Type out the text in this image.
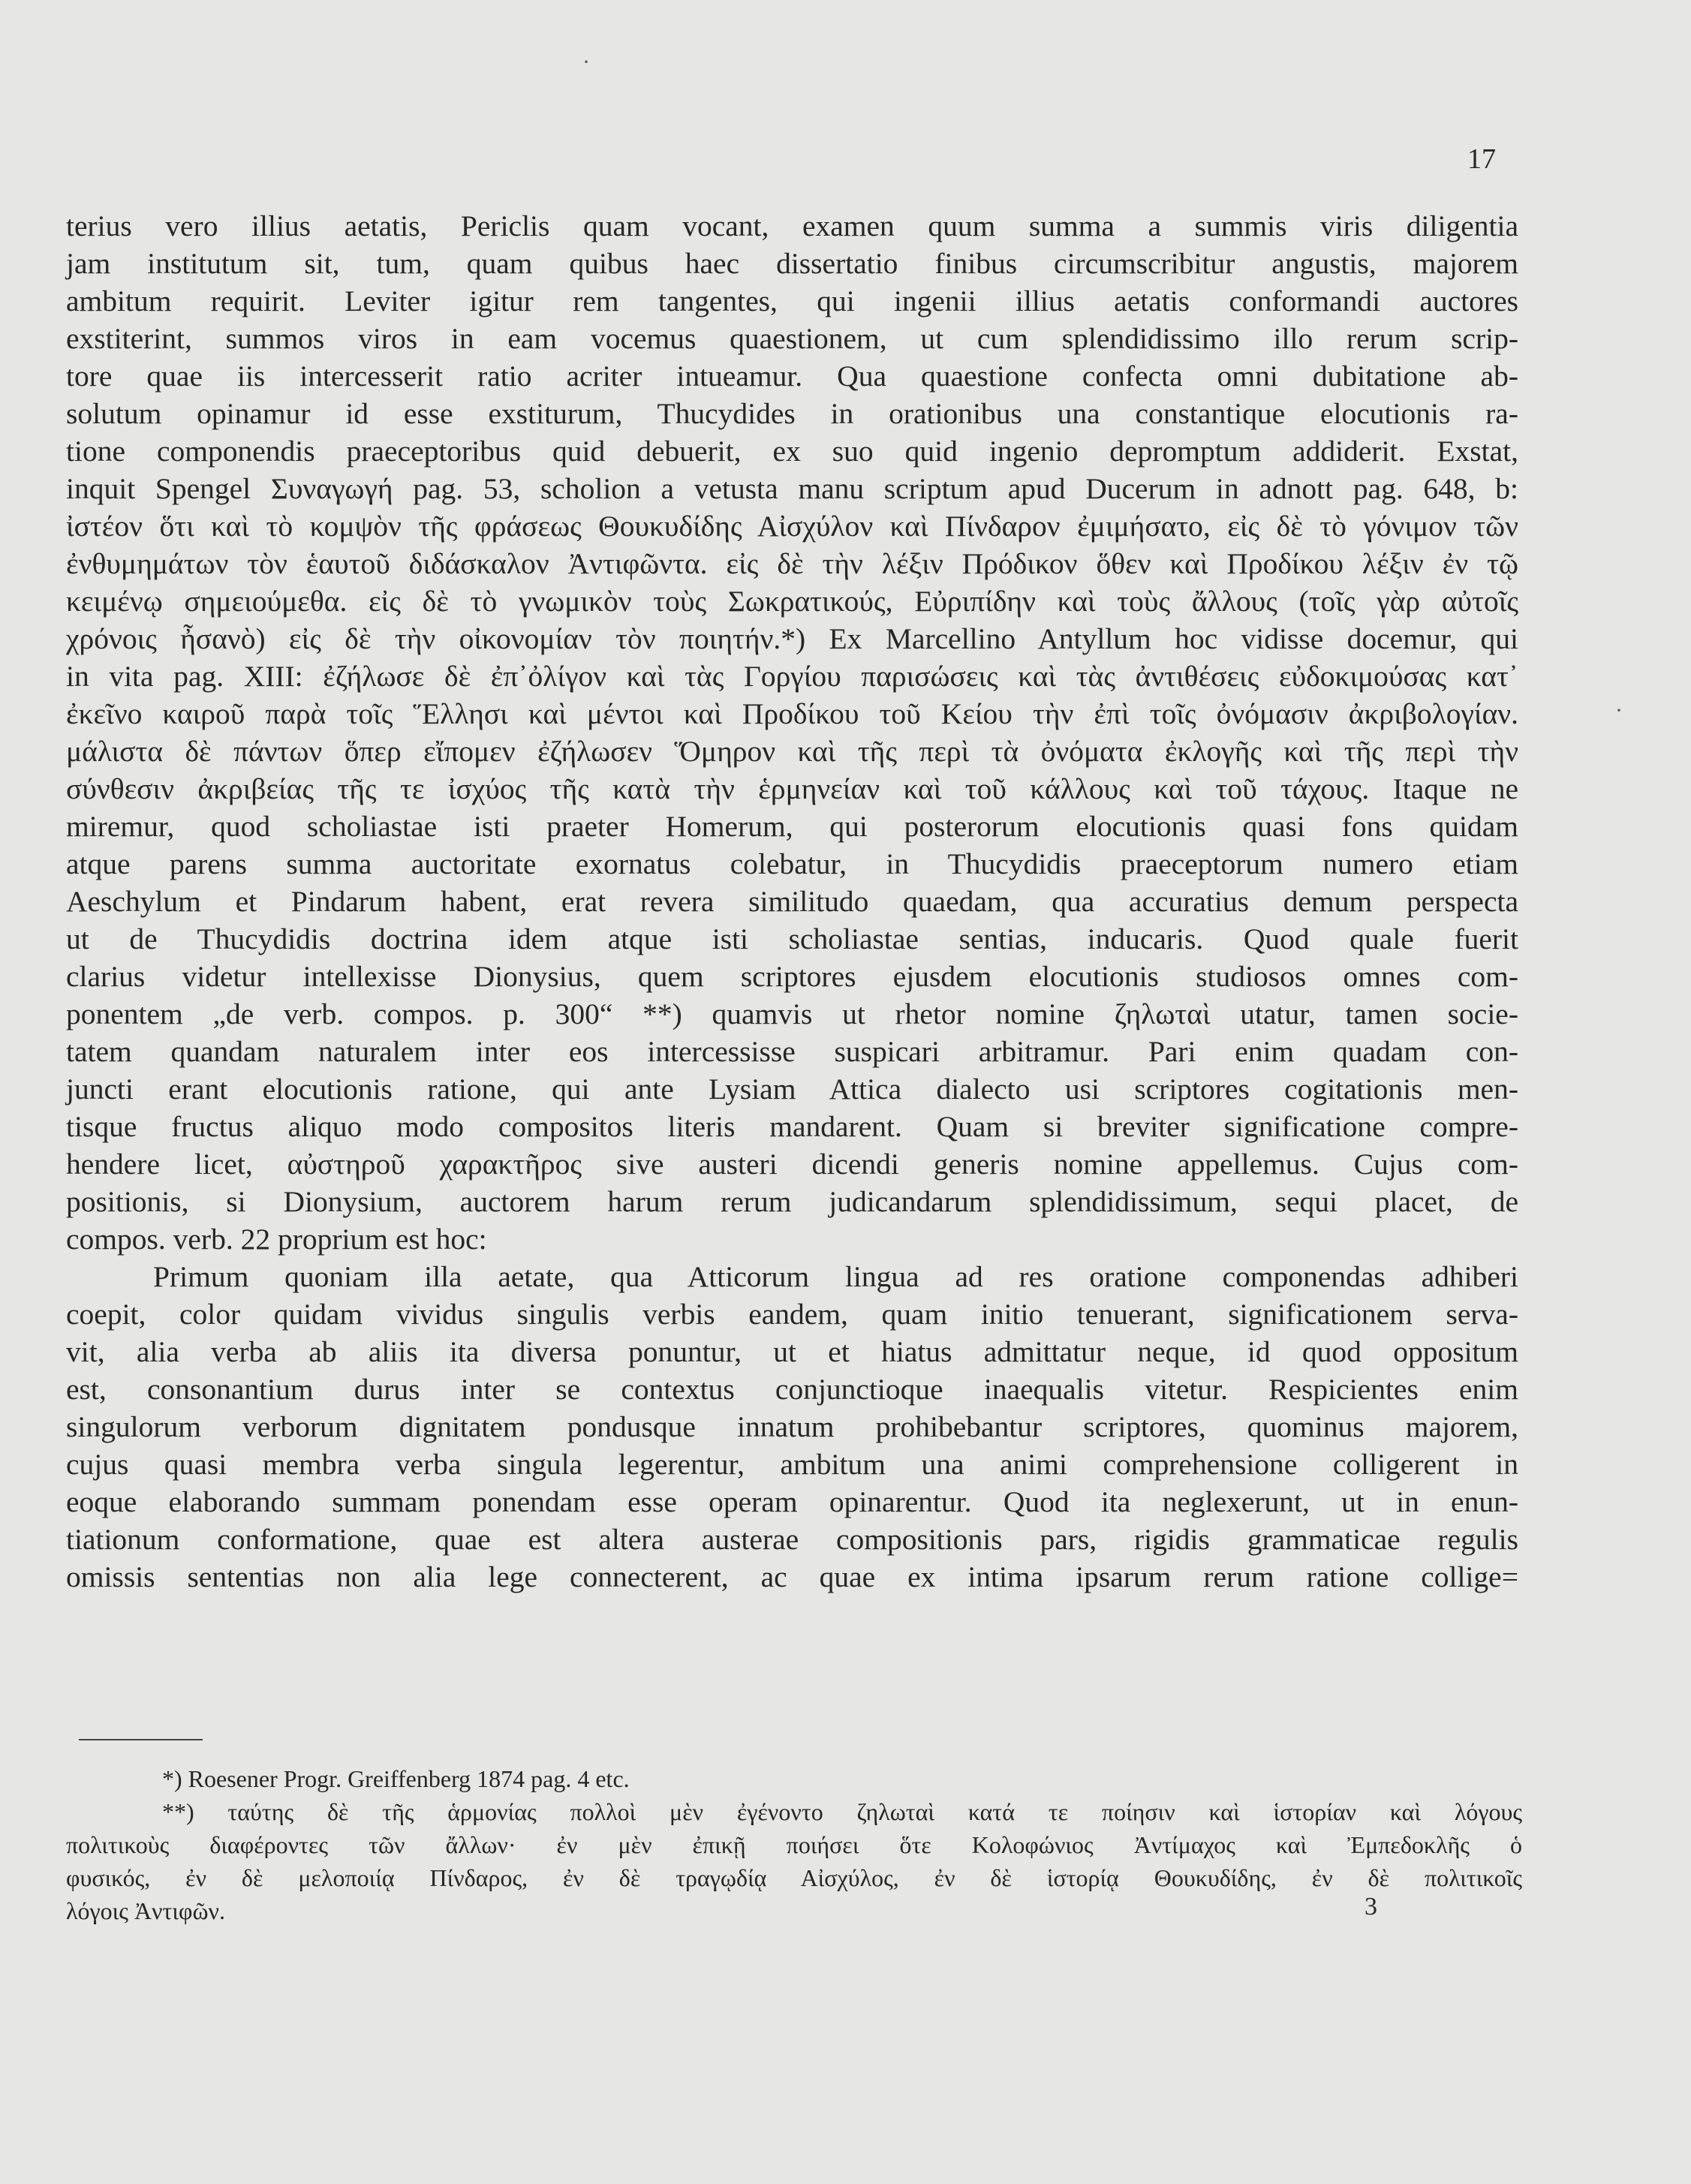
·
·
17
terius vero illius aetatis, Periclis quam vocant, examen quum summa a summis viris diligentia
jam institutum sit, tum, quam quibus haec dissertatio finibus circumscribitur angustis, majorem
ambitum requirit. Leviter igitur rem tangentes, qui ingenii illius aetatis conformandi auctores
exstiterint, summos viros in eam vocemus quaestionem, ut cum splendidissimo illo rerum scrip-
tore quae iis intercesserit ratio acriter intueamur. Qua quaestione confecta omni dubitatione ab-
solutum opinamur id esse exstiturum, Thucydides in orationibus una constantique elocutionis ra-
tione componendis praeceptoribus quid debuerit, ex suo quid ingenio depromptum addiderit. Exstat,
inquit Spengel Συναγωγή pag. 53, scholion a vetusta manu scriptum apud Ducerum in adnott pag. 648, b:
ἰστέον ὅτι καὶ τὸ κομψὸν τῆς φράσεως Θουκυδίδης Αἰσχύλον καὶ Πίνδαρον ἐμιμήσατο, εἰς δὲ τὸ γόνιμον τῶν
ἐνθυμημάτων τὸν ἑαυτοῦ διδάσκαλον Ἀντιφῶντα. εἰς δὲ τὴν λέξιν Πρόδικον ὅθεν καὶ Προδίκου λέξιν ἐν τῷ
κειμένῳ σημειούμεθα. εἰς δὲ τὸ γνωμικὸν τοὺς Σωκρατικούς, Εὐριπίδην καὶ τοὺς ἄλλους (τοῖς γὰρ αὐτοῖς
χρόνοις ἦσανὸ) εἰς δὲ τὴν οἰκονομίαν τὸν ποιητήν.*) Ex Marcellino Antyllum hoc vidisse docemur, qui
in vita pag. XIII: ἐζήλωσε δὲ ἐπ᾽ὀλίγον καὶ τὰς Γοργίου παρισώσεις καὶ τὰς ἀντιθέσεις εὐδοκιμούσας κατ᾽
ἐκεῖνο καιροῦ παρὰ τοῖς Ἕλλησι καὶ μέντοι καὶ Προδίκου τοῦ Κείου τὴν ἐπὶ τοῖς ὀνόμασιν ἀκριβολογίαν.
μάλιστα δὲ πάντων ὅπερ εἴπομεν ἐζήλωσεν Ὅμηρον καὶ τῆς περὶ τὰ ὀνόματα ἐκλογῆς καὶ τῆς περὶ τὴν
σύνθεσιν ἀκριβείας τῆς τε ἰσχύος τῆς κατὰ τὴν ἑρμηνείαν καὶ τοῦ κάλλους καὶ τοῦ τάχους. Itaque ne
miremur, quod scholiastae isti praeter Homerum, qui posterorum elocutionis quasi fons quidam
atque parens summa auctoritate exornatus colebatur, in Thucydidis praeceptorum numero etiam
Aeschylum et Pindarum habent, erat revera similitudo quaedam, qua accuratius demum perspecta
ut de Thucydidis doctrina idem atque isti scholiastae sentias, inducaris. Quod quale fuerit
clarius videtur intellexisse Dionysius, quem scriptores ejusdem elocutionis studiosos omnes com-
ponentem „de verb. compos. p. 300“ **) quamvis ut rhetor nomine ζηλωταὶ utatur, tamen socie-
tatem quandam naturalem inter eos intercessisse suspicari arbitramur. Pari enim quadam con-
juncti erant elocutionis ratione, qui ante Lysiam Attica dialecto usi scriptores cogitationis men-
tisque fructus aliquo modo compositos literis mandarent. Quam si breviter significatione compre-
hendere licet, αὐστηροῦ χαρακτῆρος sive austeri dicendi generis nomine appellemus. Cujus com-
positionis, si Dionysium, auctorem harum rerum judicandarum splendidissimum, sequi placet, de
compos. verb. 22 proprium est hoc:
Primum quoniam illa aetate, qua Atticorum lingua ad res oratione componendas adhiberi
coepit, color quidam vividus singulis verbis eandem, quam initio tenuerant, significationem serva-
vit, alia verba ab aliis ita diversa ponuntur, ut et hiatus admittatur neque, id quod oppositum
est, consonantium durus inter se contextus conjunctioque inaequalis vitetur. Respicientes enim
singulorum verborum dignitatem pondusque innatum prohibebantur scriptores, quominus majorem,
cujus quasi membra verba singula legerentur, ambitum una animi comprehensione colligerent in
eoque elaborando summam ponendam esse operam opinarentur. Quod ita neglexerunt, ut in enun-
tiationum conformatione, quae est altera austerae compositionis pars, rigidis grammaticae regulis
omissis sententias non alia lege connecterent, ac quae ex intima ipsarum rerum ratione collige=
*) Roesener Progr. Greiffenberg 1874 pag. 4 etc.
**) ταύτης δὲ τῆς ἁρμονίας πολλοὶ μὲν ἐγένοντο ζηλωταὶ κατά τε ποίησιν καὶ ἱστορίαν καὶ λόγους
πολιτικοὺς διαφέροντες τῶν ἄλλων· ἐν μὲν ἐπικῇ ποιήσει ὅτε Κολοφώνιος Ἀντίμαχος καὶ Ἐμπεδοκλῆς ὁ
φυσικός, ἐν δὲ μελοποιίᾳ Πίνδαρος, ἐν δὲ τραγῳδίᾳ Αἰσχύλος, ἐν δὲ ἱστορίᾳ Θουκυδίδης, ἐν δὲ πολιτικοῖς
λόγοις Ἀντιφῶν.	3
